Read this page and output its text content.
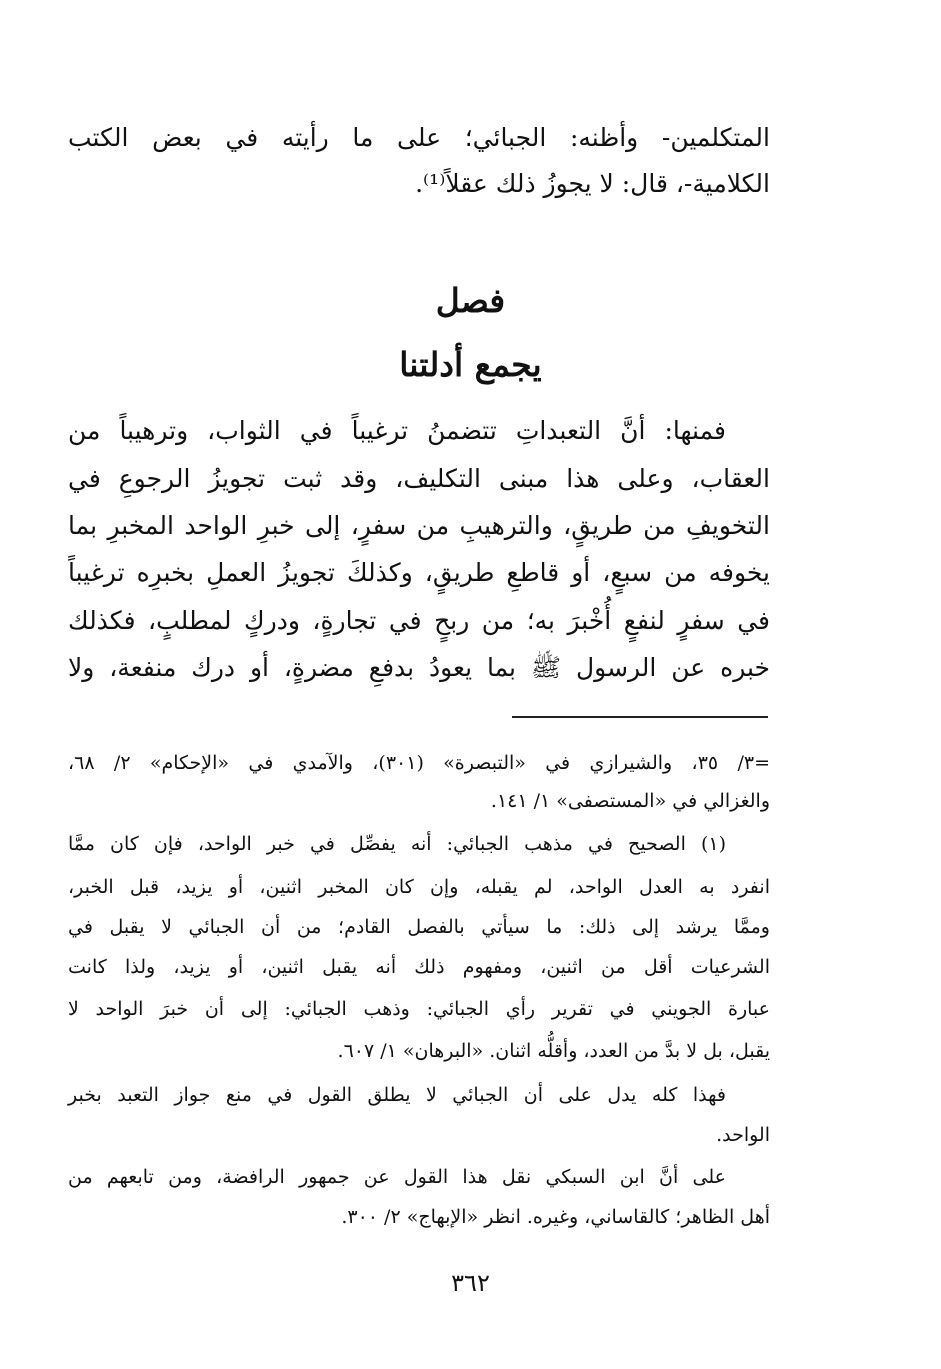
المتكلمين- وأظنه: الجبائي؛ على ما رأيته في بعض الكتب
الكلامية-، قال: لا يجوزُ ذلك عقلاً⁽¹⁾.
فصل
يجمع أدلتنا
فمنها: أنَّ التعبداتِ تتضمنُ ترغيباً في الثواب، وترهيباً من
العقاب، وعلى هذا مبنى التكليف، وقد ثبت تجويزُ الرجوعِ في
التخويفِ من طريقٍ، والترهيبِ من سفرٍ، إلى خبرِ الواحد المخبرِ بما
يخوفه من سبعٍ، أو قاطعِ طريقٍ، وكذلكَ تجويزُ العملِ بخبرِه ترغيباً
في سفرٍ لنفعٍ أُخْبرَ به؛ من ربحٍ في تجارةٍ، ودركٍ لمطلبٍ، فكذلك
خبره عن الرسول ﷺ بما يعودُ بدفعِ مضرةٍ، أو درك منفعة، ولا
=٣/ ٣٥، والشيرازي في «التبصرة» (٣٠١)، والآمدي في «الإحكام» ٢/ ٦٨،
والغزالي في «المستصفى» ١/ ١٤١.
(١) الصحيح في مذهب الجبائي: أنه يفصِّل في خبر الواحد، فإن كان ممَّا
انفرد به العدل الواحد، لم يقبله، وإن كان المخبر اثنين، أو يزيد، قبل الخبر،
وممَّا يرشد إلى ذلك: ما سيأتي بالفصل القادم؛ من أن الجبائي لا يقبل في
الشرعيات أقل من اثنين، ومفهوم ذلك أنه يقبل اثنين، أو يزيد، ولذا كانت
عبارة الجويني في تقرير رأي الجبائي: وذهب الجبائي: إلى أن خبرَ الواحد لا
يقبل، بل لا بدَّ من العدد، وأقلُّه اثنان. «البرهان» ١/ ٦٠٧.
فهذا كله يدل على أن الجبائي لا يطلق القول في منع جواز التعبد بخبر
الواحد.
على أنَّ ابن السبكي نقل هذا القول عن جمهور الرافضة، ومن تابعهم من
أهل الظاهر؛ كالقاساني، وغيره. انظر «الإبهاج» ٢/ ٣٠٠.
٣٦٢
